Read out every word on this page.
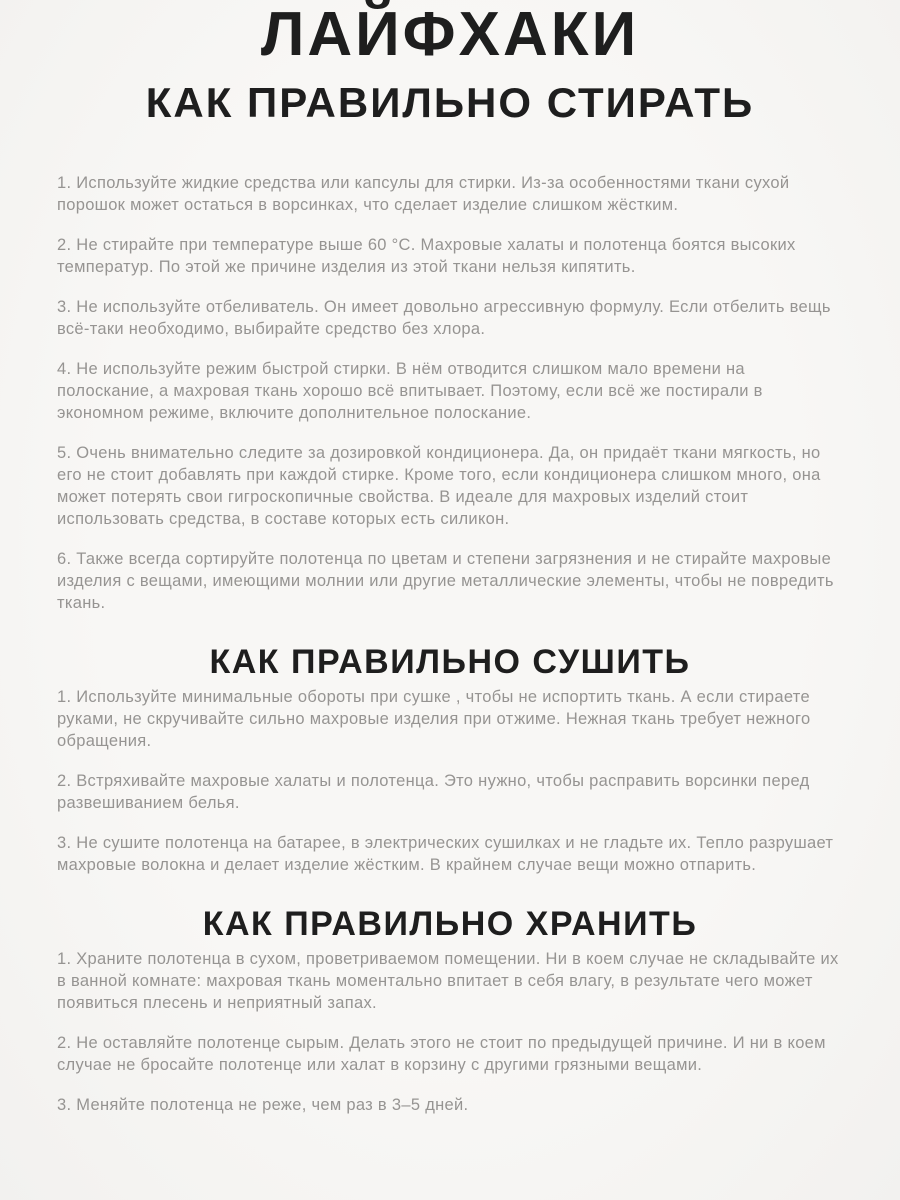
ЛАЙФХАКИ
КАК ПРАВИЛЬНО СТИРАТЬ

1. Используйте жидкие средства или капсулы для стирки. Из-за особенностями ткани сухой порошок может остаться в ворсинках, что сделает изделие слишком жёстким.

2. Не стирайте при температуре выше 60 °С. Махровые халаты и полотенца боятся высоких температур. По этой же причине изделия из этой ткани нельзя кипятить.

3. Не используйте отбеливатель. Он имеет довольно агрессивную формулу. Если отбелить вещь всё-таки необходимо, выбирайте средство без хлора.

4. Не используйте режим быстрой стирки. В нём отводится слишком мало времени на полоскание, а махровая ткань хорошо всё впитывает. Поэтому, если всё же постирали в экономном режиме, включите дополнительное полоскание.

5. Очень внимательно следите за дозировкой кондиционера. Да, он придаёт ткани мягкость, но его не стоит добавлять при каждой стирке. Кроме того, если кондиционера слишком много, она может потерять свои гигроскопичные свойства. В идеале для махровых изделий стоит использовать средства, в составе которых есть силикон.

6. Также всегда сортируйте полотенца по цветам и степени загрязнения и не стирайте махровые изделия с вещами, имеющими молнии или другие металлические элементы, чтобы не повредить ткань.

КАК ПРАВИЛЬНО СУШИТЬ

1. Используйте минимальные обороты при сушке , чтобы не испортить ткань. А если стираете руками, не скручивайте сильно махровые изделия при отжиме. Нежная ткань требует нежного обращения.

2. Встряхивайте махровые халаты и полотенца. Это нужно, чтобы расправить ворсинки перед развешиванием белья.

3. Не сушите полотенца на батарее, в электрических сушилках и не гладьте их. Тепло разрушает махровые волокна и делает изделие жёстким. В крайнем случае вещи можно отпарить.

КАК ПРАВИЛЬНО ХРАНИТЬ

1. Храните полотенца в сухом, проветриваемом помещении. Ни в коем случае не складывайте их в ванной комнате: махровая ткань моментально впитает в себя влагу, в результате чего может появиться плесень и неприятный запах.

2. Не оставляйте полотенце сырым. Делать этого не стоит по предыдущей причине. И ни в коем случае не бросайте полотенце или халат в корзину с другими грязными вещами.

3. Меняйте полотенца не реже, чем раз в 3–5 дней.
